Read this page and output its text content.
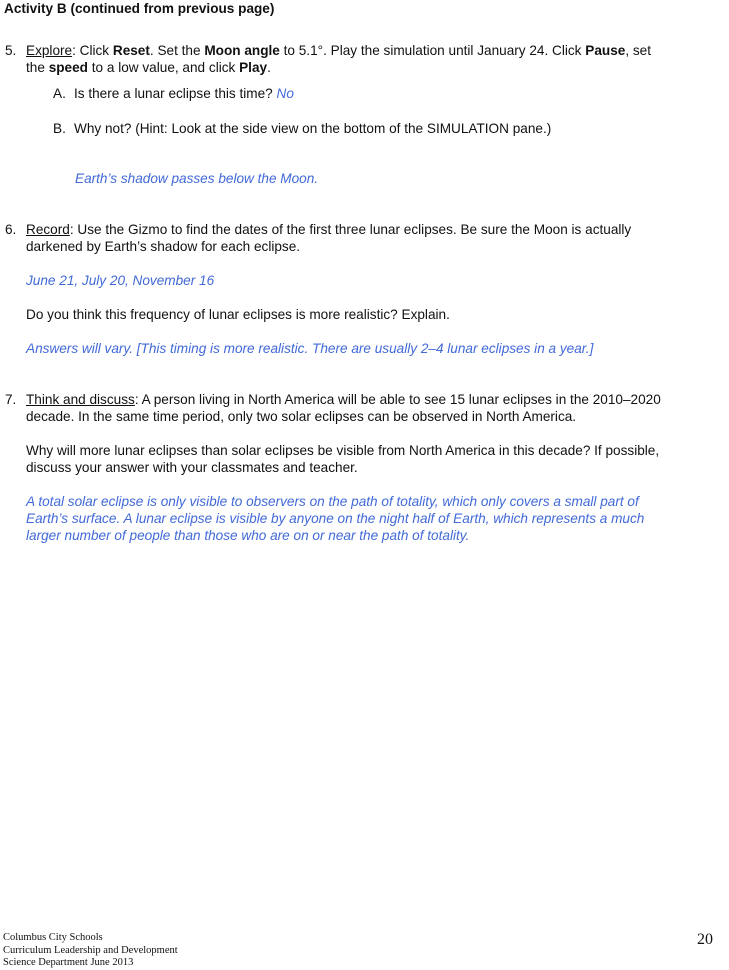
Activity B (continued from previous page)
5. Explore: Click Reset. Set the Moon angle to 5.1°. Play the simulation until January 24. Click Pause, set
the speed to a low value, and click Play.
A. Is there a lunar eclipse this time? No
B. Why not? (Hint: Look at the side view on the bottom of the SIMULATION pane.)
Earth’s shadow passes below the Moon.
6. Record: Use the Gizmo to find the dates of the first three lunar eclipses. Be sure the Moon is actually
darkened by Earth’s shadow for each eclipse.
June 21, July 20, November 16
Do you think this frequency of lunar eclipses is more realistic? Explain.
Answers will vary. [This timing is more realistic. There are usually 2–4 lunar eclipses in a year.]
7. Think and discuss: A person living in North America will be able to see 15 lunar eclipses in the 2010–2020
decade. In the same time period, only two solar eclipses can be observed in North America.
Why will more lunar eclipses than solar eclipses be visible from North America in this decade? If possible,
discuss your answer with your classmates and teacher.
A total solar eclipse is only visible to observers on the path of totality, which only covers a small part of
Earth’s surface. A lunar eclipse is visible by anyone on the night half of Earth, which represents a much
larger number of people than those who are on or near the path of totality.
Columbus City Schools
Curriculum Leadership and Development
Science Department June 2013
20
